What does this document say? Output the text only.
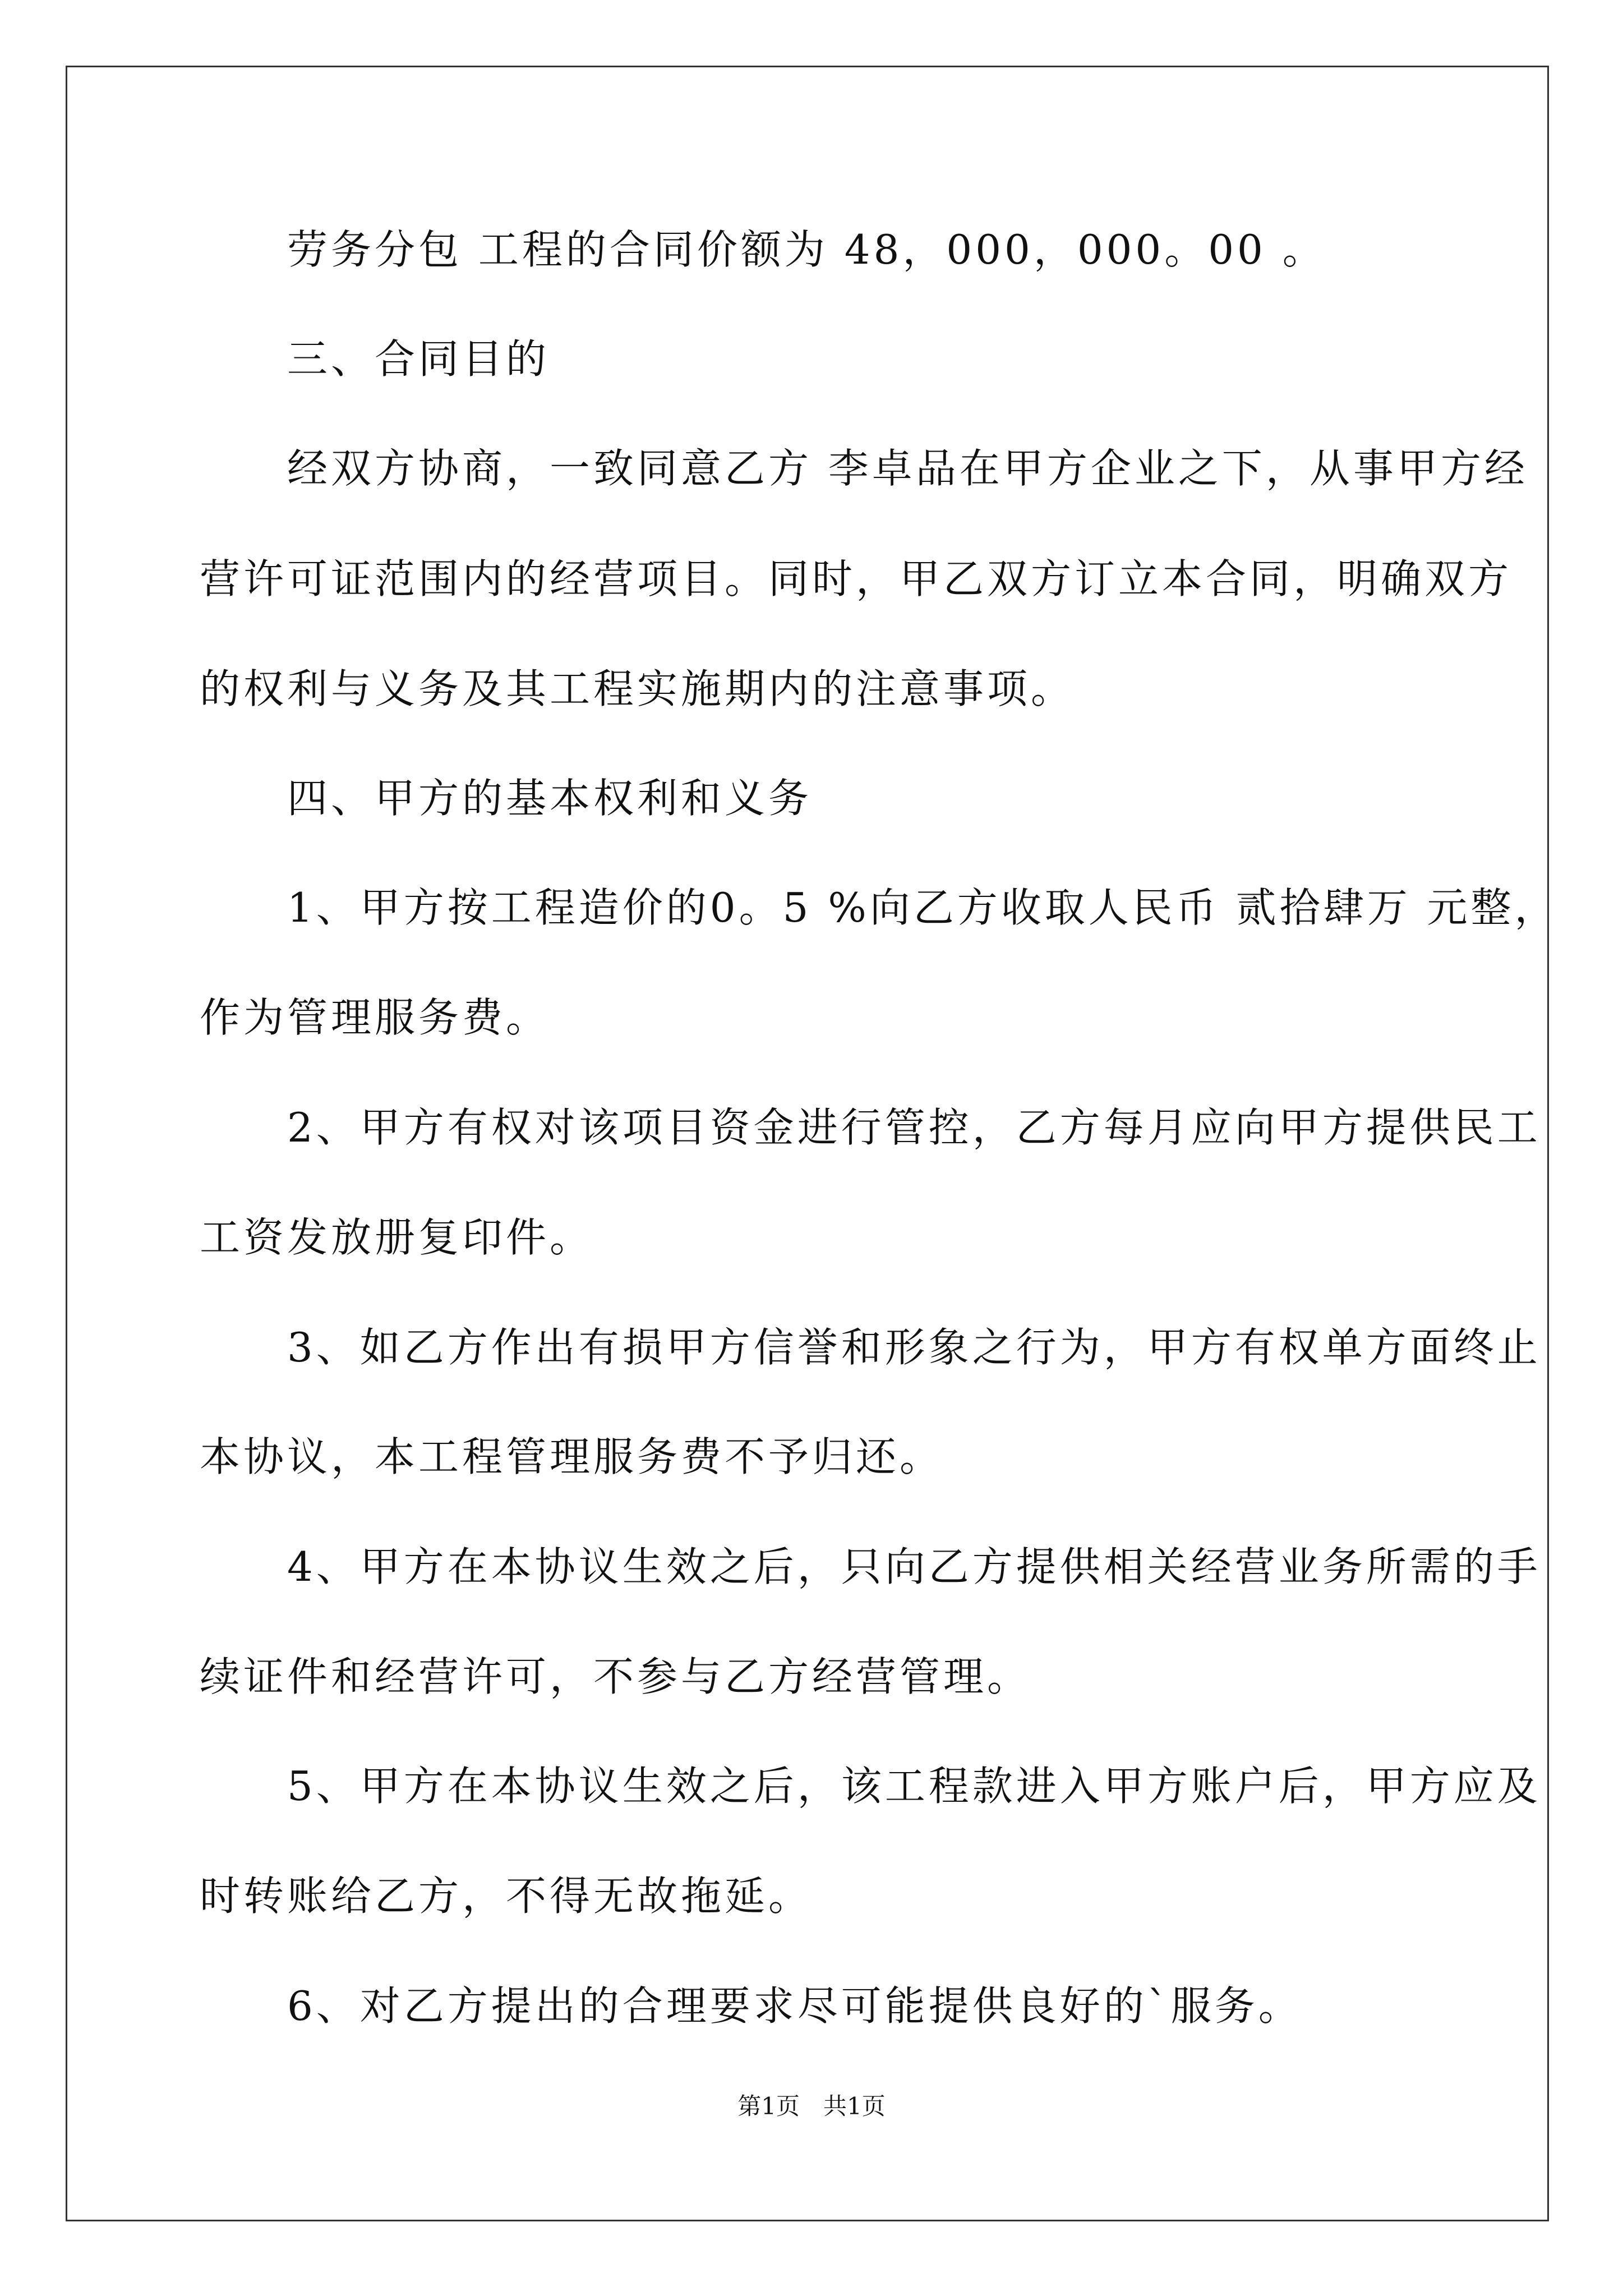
　　劳务分包 工程的合同价额为 48，000，000。00 。
　　三、合同目的
　　经双方协商，一致同意乙方 李卓品在甲方企业之下，从事甲方经
营许可证范围内的经营项目。同时，甲乙双方订立本合同，明确双方
的权利与义务及其工程实施期内的注意事项。
　　四、甲方的基本权利和义务
　　1、甲方按工程造价的0。5 %向乙方收取人民币 贰拾肆万 元整，
作为管理服务费。
　　2、甲方有权对该项目资金进行管控，乙方每月应向甲方提供民工
工资发放册复印件。
　　3、如乙方作出有损甲方信誉和形象之行为，甲方有权单方面终止
本协议，本工程管理服务费不予归还。
　　4、甲方在本协议生效之后，只向乙方提供相关经营业务所需的手
续证件和经营许可，不参与乙方经营管理。
　　5、甲方在本协议生效之后，该工程款进入甲方账户后，甲方应及
时转账给乙方，不得无故拖延。
　　6、对乙方提出的合理要求尽可能提供良好的`服务。
第1页　共1页
